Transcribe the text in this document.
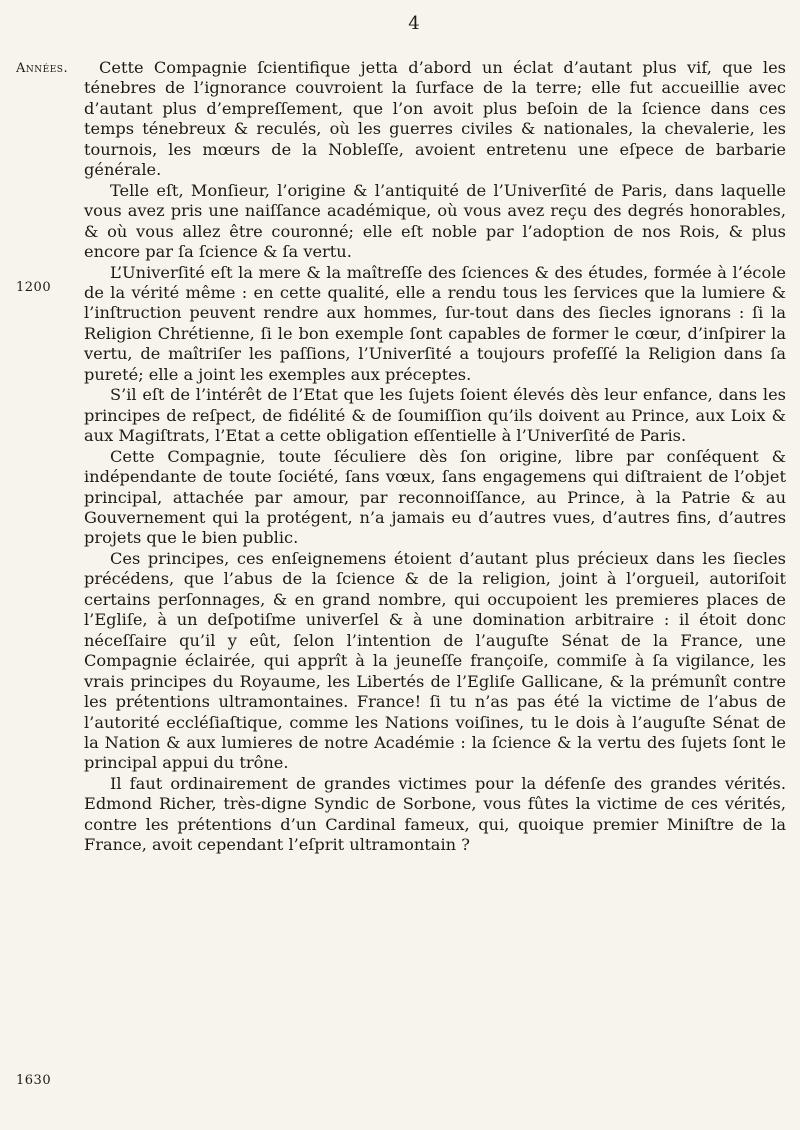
4
Années.
1200
1630

Cette Compagnie ſcientifique jetta d’abord un éclat d’autant plus vif, que les ténebres de l’ignorance couvroient la ſurface de la terre; elle fut accueillie avec d’autant plus d’empreſſement, que l’on avoit plus beſoin de la ſcience dans ces temps ténebreux & reculés, où les guerres civiles & nationales, la chevalerie, les tournois, les mœurs de la Nobleſſe, avoient entretenu une eſpece de barbarie générale.

Telle eſt, Monſieur, l’origine & l’antiquité de l’Univerſité de Paris, dans laquelle vous avez pris une naiſſance académique, où vous avez reçu des degrés honorables, & où vous allez être couronné; elle eſt noble par l’adoption de nos Rois, & plus encore par ſa ſcience & ſa vertu.

L’Univerſité eſt la mere & la maîtreſſe des ſciences & des études, formée à l’école de la vérité même : en cette qualité, elle a rendu tous les ſervices que la lumiere & l’inſtruction peuvent rendre aux hommes, ſur-tout dans des ſiecles ignorans : ſi la Religion Chrétienne, ſi le bon exemple ſont capables de former le cœur, d’inſpirer la vertu, de maîtriſer les paſſions, l’Univerſité a toujours profeſſé la Religion dans ſa pureté; elle a joint les exemples aux préceptes.

S’il eſt de l’intérêt de l’Etat que les ſujets ſoient élevés dès leur enfance, dans les principes de reſpect, de fidélité & de ſoumiſſion qu’ils doivent au Prince, aux Loix & aux Magiſtrats, l’Etat a cette obligation eſſentielle à l’Univerſité de Paris.

Cette Compagnie, toute ſéculiere dès ſon origine, libre par conſéquent & indépendante de toute ſociété, ſans vœux, ſans engagemens qui diſtraient de l’objet principal, attachée par amour, par reconnoiſſance, au Prince, à la Patrie & au Gouvernement qui la protégent, n’a jamais eu d’autres vues, d’autres fins, d’autres projets que le bien public.

Ces principes, ces enſeignemens étoient d’autant plus précieux dans les ſiecles précédens, que l’abus de la ſcience & de la religion, joint à l’orgueil, autoriſoit certains perſonnages, & en grand nombre, qui occupoient les premieres places de l’Egliſe, à un deſpotiſme univerſel & à une domination arbitraire : il étoit donc néceſſaire qu’il y eût, ſelon l’intention de l’auguſte Sénat de la France, une Compagnie éclairée, qui apprît à la jeuneſſe françoiſe, commiſe à ſa vigilance, les vrais principes du Royaume, les Libertés de l’Egliſe Gallicane, & la prémunît contre les prétentions ultramontaines. France! ſi tu n’as pas été la victime de l’abus de l’autorité eccléſiaſtique, comme les Nations voiſines, tu le dois à l’auguſte Sénat de la Nation & aux lumieres de notre Académie : la ſcience & la vertu des ſujets ſont le principal appui du trône.

Il faut ordinairement de grandes victimes pour la défenſe des grandes vérités. Edmond Richer, très-digne Syndic de Sorbone, vous fûtes la victime de ces vérités, contre les prétentions d’un Cardinal fameux, qui, quoique premier Miniſtre de la France, avoit cependant l’eſprit ultramontain ?
